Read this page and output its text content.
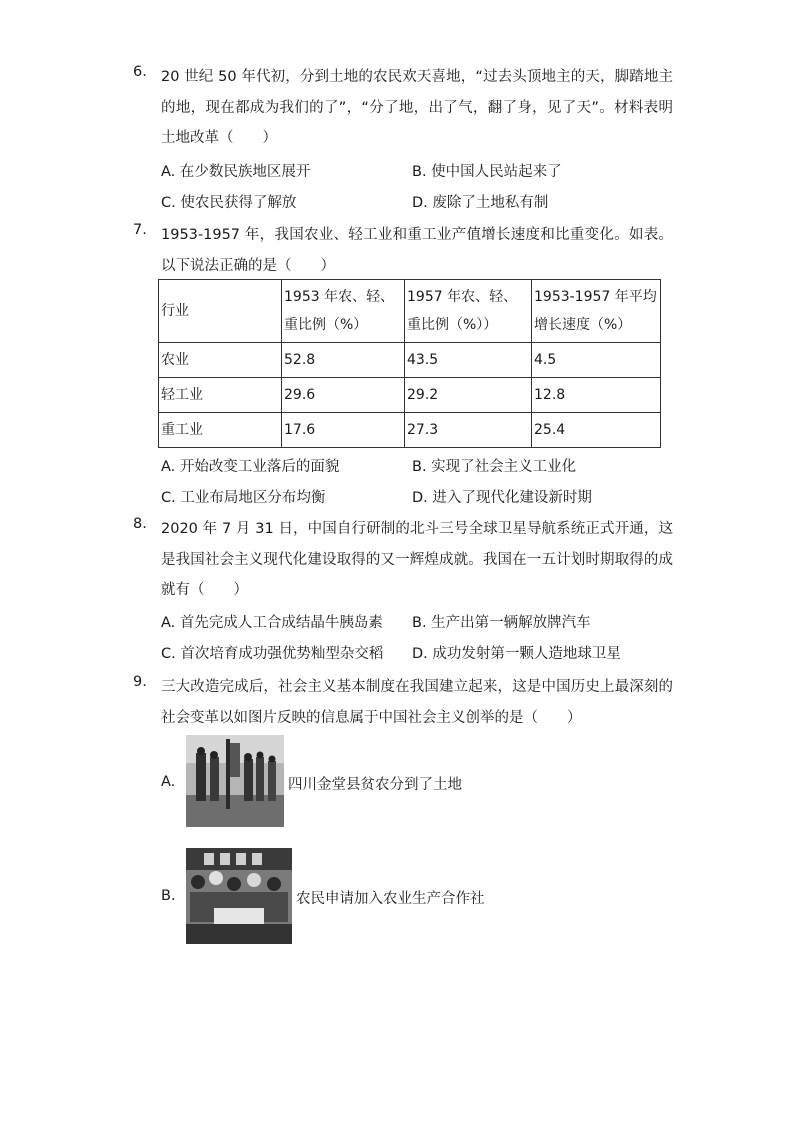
6. 20 世纪 50 年代初，分到土地的农民欢天喜地，“过去头顶地主的天，脚踏地主的地，现在都成为我们的了”，“分了地，出了气，翻了身，见了天”。材料表明土地改革（　　）
A. 在少数民族地区展开	B. 使中国人民站起来了
C. 使农民获得了解放	D. 废除了土地私有制
7. 1953-1957 年，我国农业、轻工业和重工业产值增长速度和比重变化。如表。以下说法正确的是（　　）
行业	1953 年农、轻、重比例（%）	1957 年农、轻、重比例（%））	1953-1957 年平均增长速度（%）
农业	52.8	43.5	4.5
轻工业	29.6	29.2	12.8
重工业	17.6	27.3	25.4
A. 开始改变工业落后的面貌	B. 实现了社会主义工业化
C. 工业布局地区分布均衡	D. 进入了现代化建设新时期
8. 2020 年 7 月 31 日，中国自行研制的北斗三号全球卫星导航系统正式开通，这是我国社会主义现代化建设取得的又一辉煌成就。我国在一五计划时期取得的成就有（　　）
A. 首先完成人工合成结晶牛胰岛素 B. 生产出第一辆解放牌汽车
C. 首次培育成功强优势籼型杂交稻 D. 成功发射第一颗人造地球卫星
9. 三大改造完成后，社会主义基本制度在我国建立起来，这是中国历史上最深刻的社会变革以如图片反映的信息属于中国社会主义创举的是（　　）
A.	四川金堂县贫农分到了土地
B.	农民申请加入农业生产合作社
